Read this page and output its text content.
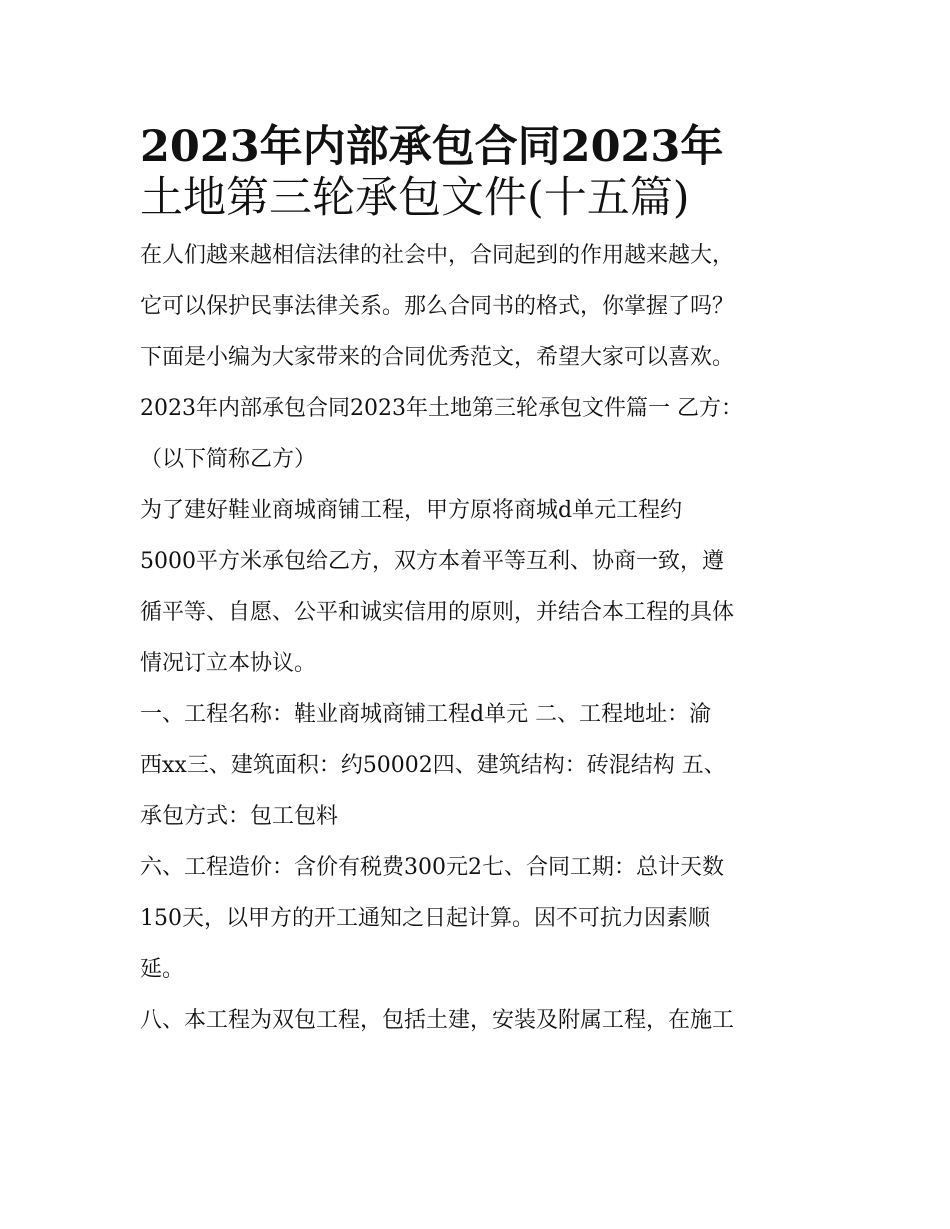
2023年内部承包合同2023年
土地第三轮承包文件(十五篇)
在人们越来越相信法律的社会中，合同起到的作用越来越大，
它可以保护民事法律关系。那么合同书的格式，你掌握了吗？
下面是小编为大家带来的合同优秀范文，希望大家可以喜欢。
2023年内部承包合同2023年土地第三轮承包文件篇一 乙方：
（以下简称乙方）
为了建好鞋业商城商铺工程，甲方原将商城d单元工程约
5000平方米承包给乙方，双方本着平等互利、协商一致，遵
循平等、自愿、公平和诚实信用的原则，并结合本工程的具体
情况订立本协议。
一、工程名称：鞋业商城商铺工程d单元 二、工程地址：渝
西xx三、建筑面积：约50002四、建筑结构：砖混结构 五、
承包方式：包工包料
六、工程造价：含价有税费300元2七、合同工期：总计天数
150天，以甲方的开工通知之日起计算。因不可抗力因素顺
延。
八、本工程为双包工程，包括土建，安装及附属工程，在施工
